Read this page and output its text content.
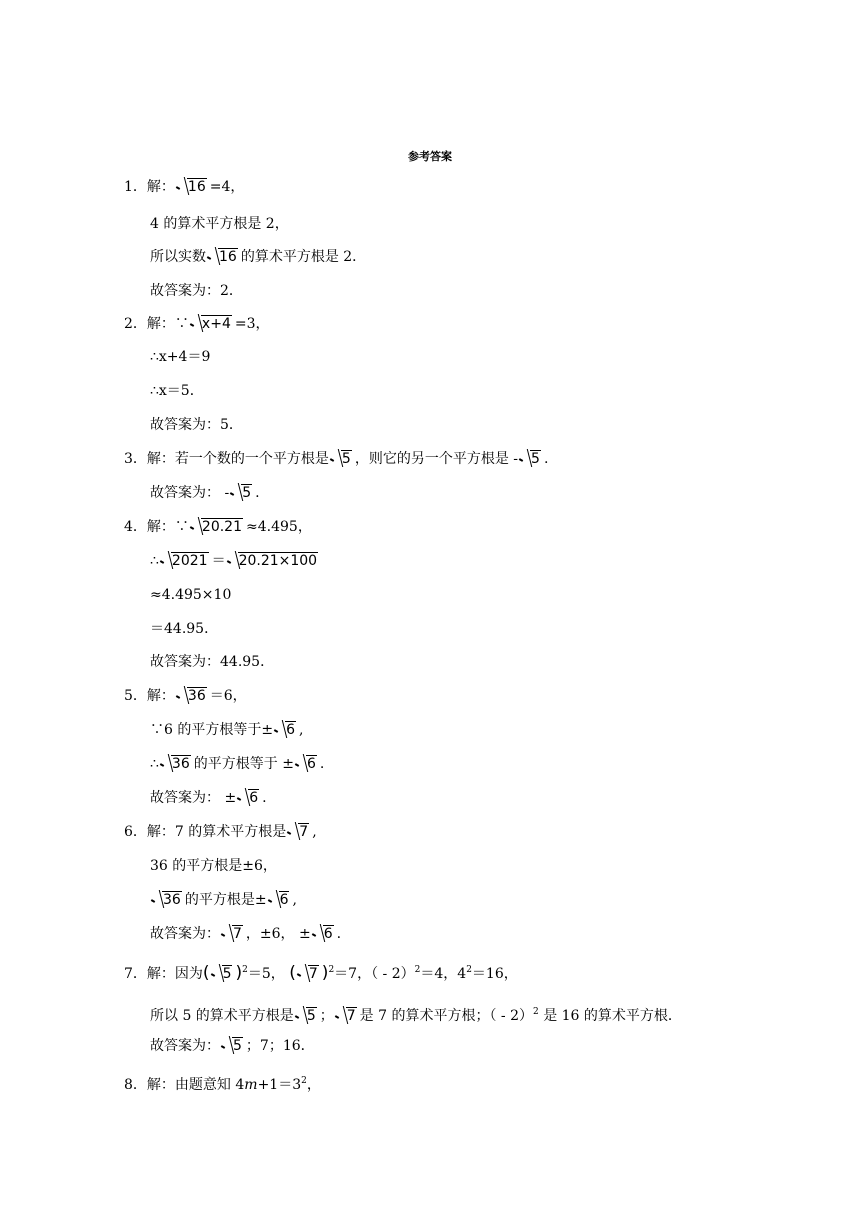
参考答案
1．解： 16 =4，
4 的算术平方根是 2，
所以实数 16 的算术平方根是 2．
故答案为：2．
2．解：∵ x+4 =3，
∴x+4＝9
∴x＝5．
故答案为：5．
3．解：若一个数的一个平方根是 5 ，则它的另一个平方根是 - 5 .
故答案为： - 5 .
4．解：∵ 20.21 ≈4.495，
∴ 2021 ＝ 20.21×100
≈4.495×10
＝44.95．
故答案为：44.95．
5．解： 36 ＝6，
∵6 的平方根等于± 6 ,
∴ 36 的平方根等于 ± 6 .
故答案为： ± 6 .
6．解：7 的算术平方根是 7 ,
36 的平方根是±6，
36 的平方根是± 6 ,
故答案为： 7 ，±6， ± 6 .
7．解：因为( 5 )$^2$＝5， ( 7 )$^2$＝7，（ - 2）$^2$＝4，$4^2=16$，
所以 5 的算术平方根是 5 ； 7 是 7 的算术平方根；（ - 2）$^2$ 是 16 的算术平方根．
故答案为： 5 ；7；16．
8．解：由题意知 $4m+1=3^2$，
